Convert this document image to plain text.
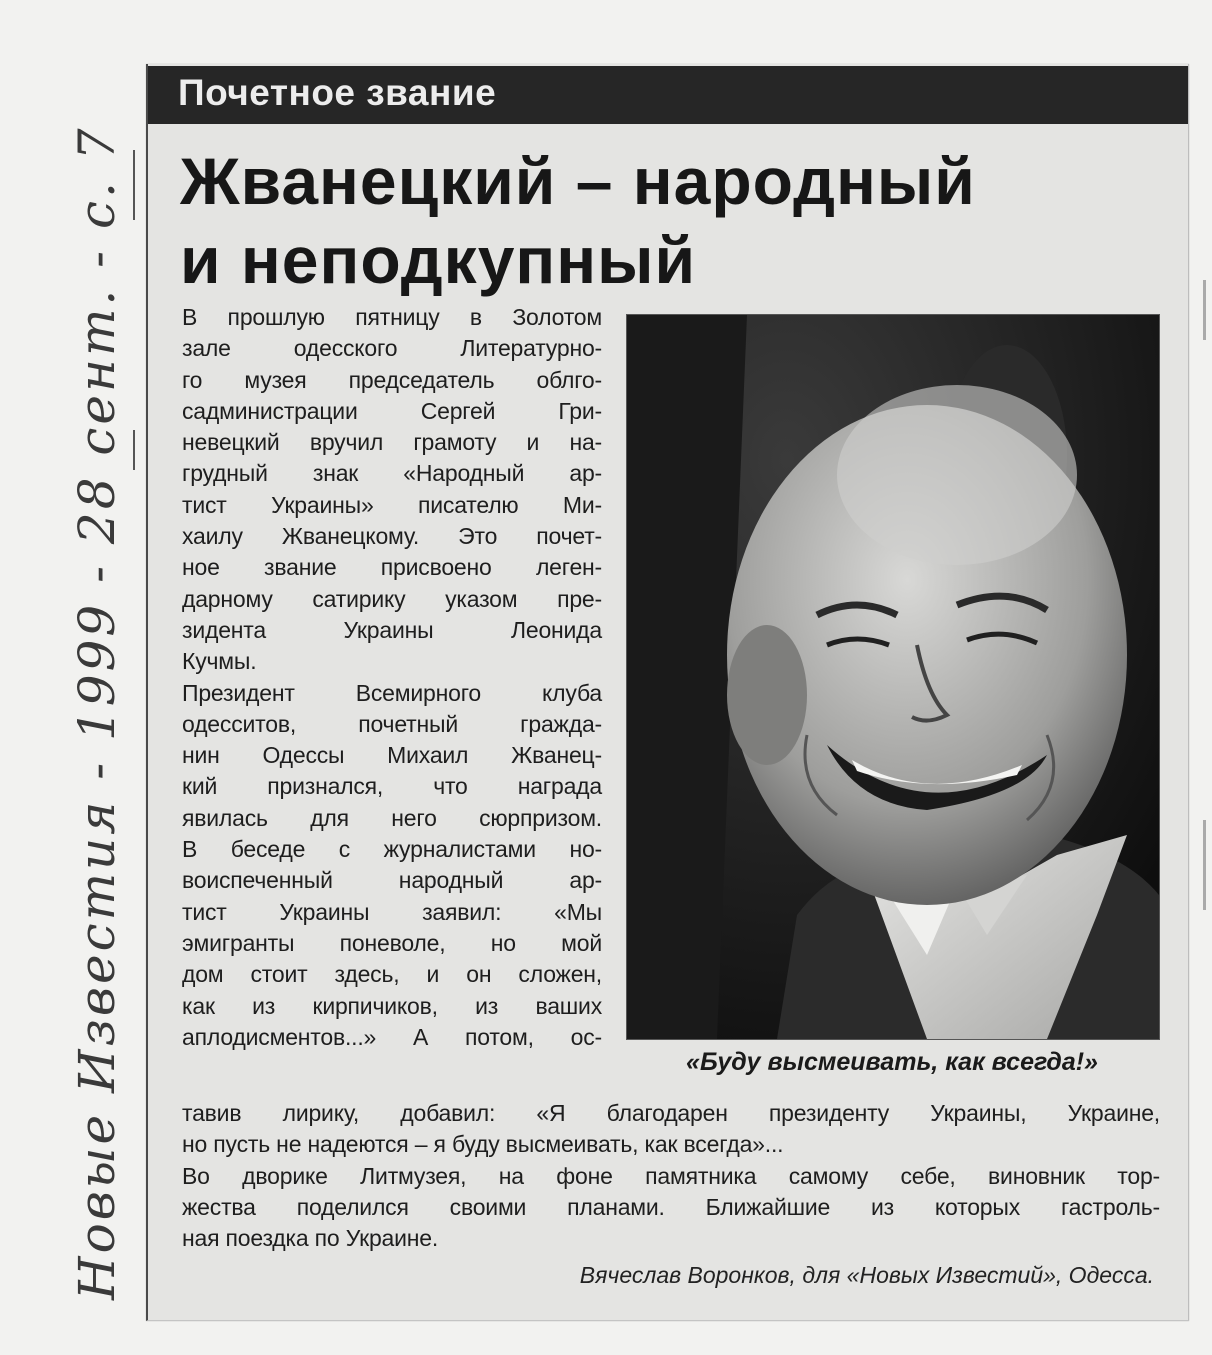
Новые Известия - 1999 - 28 сент. - с. 7
Почетное звание
Жванецкий – народный
и неподкупный
В прошлую пятницу в Золотом
зале одесского Литературно-
го музея председатель облго-
садминистрации Сергей Гри-
невецкий вручил грамоту и на-
грудный знак «Народный ар-
тист Украины» писателю Ми-
хаилу Жванецкому. Это почет-
ное звание присвоено леген-
дарному сатирику указом пре-
зидента Украины Леонида
Кучмы.
Президент Всемирного клуба
одесситов, почетный гражда-
нин Одессы Михаил Жванец-
кий признался, что награда
явилась для него сюрпризом.
В беседе с журналистами но-
воиспеченный народный ар-
тист Украины заявил: «Мы
эмигранты поневоле, но мой
дом стоит здесь, и он сложен,
как из кирпичиков, из ваших
аплодисментов...» А потом, ос-
«Буду высмеивать, как всегда!»
тавив лирику, добавил: «Я благодарен президенту Украины, Украине,
но пусть не надеются – я буду высмеивать, как всегда»...
Во дворике Литмузея, на фоне памятника самому себе, виновник тор-
жества поделился своими планами. Ближайшие из которых гастроль-
ная поездка по Украине.
Вячеслав Воронков, для «Новых Известий», Одесса.
